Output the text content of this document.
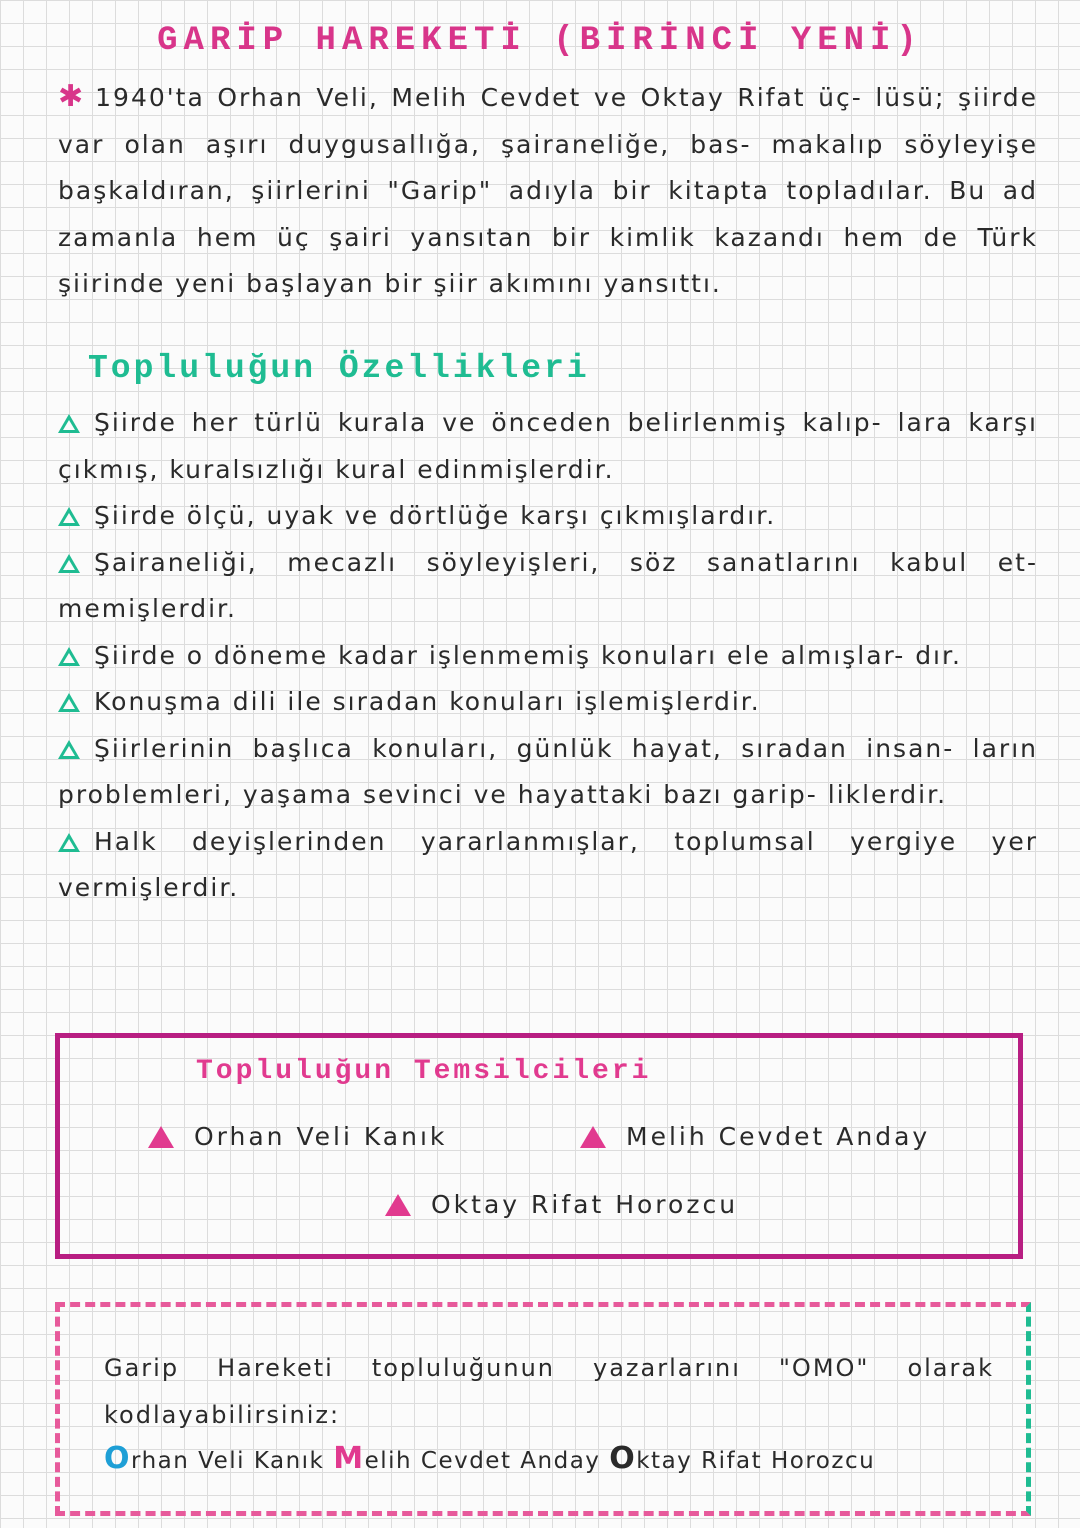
GARİP HAREKETİ (BİRİNCİ YENİ)
✱ 1940'ta Orhan Veli, Melih Cevdet ve Oktay Rifat üç- lüsü; şiirde var olan aşırı duygusallığa, şairaneliğe, bas- makalıp söyleyişe başkaldıran, şiirlerini "Garip" adıyla bir kitapta topladılar. Bu ad zamanla hem üç şairi yansıtan bir kimlik kazandı hem de Türk şiirinde yeni başlayan bir şiir akımını yansıttı.
Topluluğun Özellikleri
Şiirde her türlü kurala ve önceden belirlenmiş kalıp- lara karşı çıkmış, kuralsızlığı kural edinmişlerdir.
Şiirde ölçü, uyak ve dörtlüğe karşı çıkmışlardır.
Şairaneliği, mecazlı söyleyişleri, söz sanatlarını kabul et- memişlerdir.
Şiirde o döneme kadar işlenmemiş konuları ele almışlar- dır.
Konuşma dili ile sıradan konuları işlemişlerdir.
Şiirlerinin başlıca konuları, günlük hayat, sıradan insan- ların problemleri, yaşama sevinci ve hayattaki bazı garip- liklerdir.
Halk deyişlerinden yararlanmışlar, toplumsal yergiye yer vermişlerdir.
Topluluğun Temsilcileri
Orhan Veli Kanık	Melih Cevdet Anday
Oktay Rifat Horozcu
Garip Hareketi topluluğunun yazarlarını "OMO" olarak kodlayabilirsiniz:
Orhan Veli Kanık Melih Cevdet Anday Oktay Rifat Horozcu
